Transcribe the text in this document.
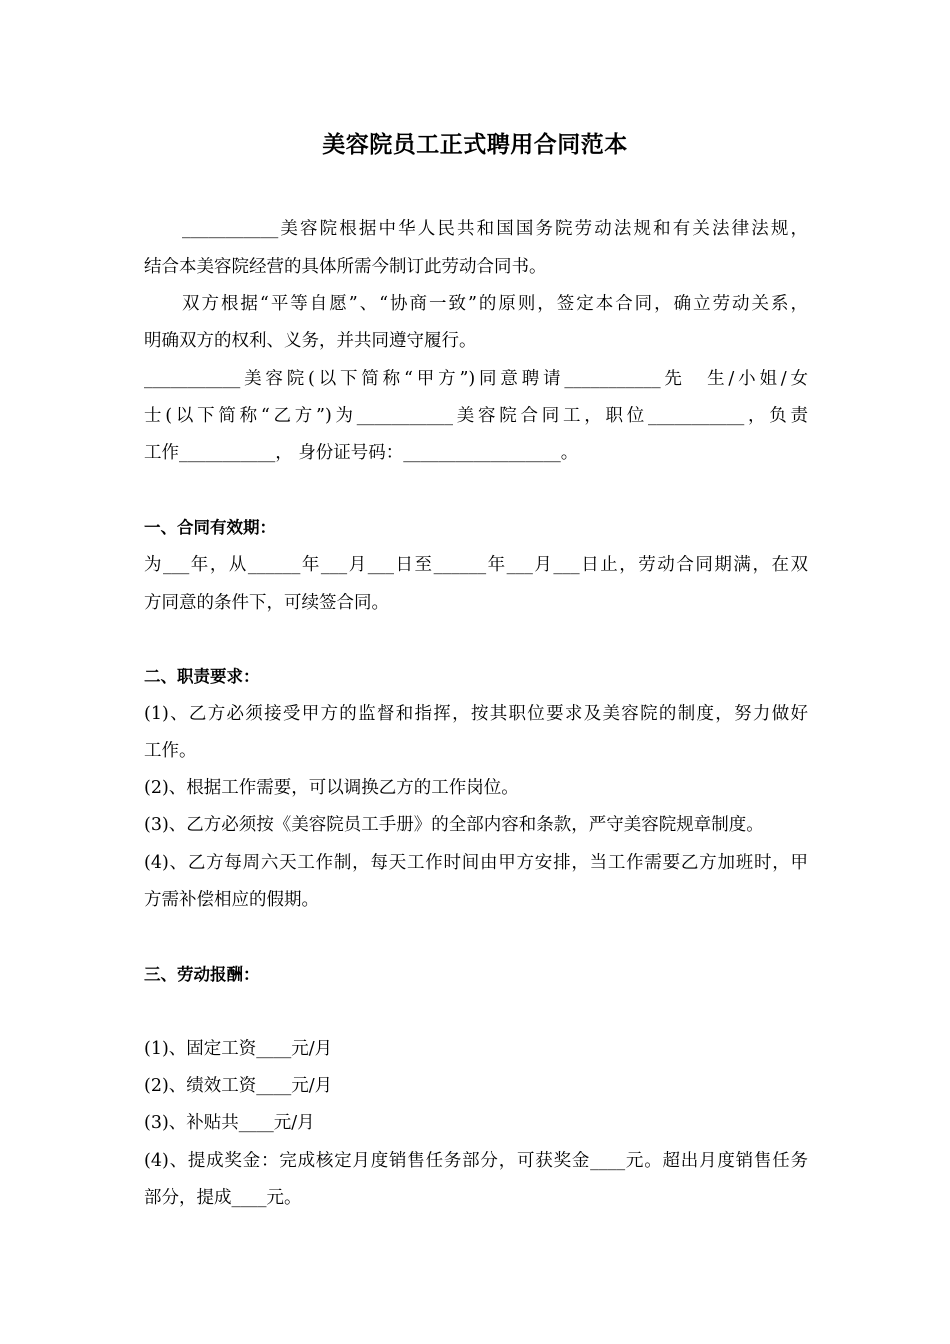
美容院员工正式聘用合同范本
___________美容院根据中华人民共和国国务院劳动法规和有关法律法规，
结合本美容院经营的具体所需今制订此劳动合同书。
双方根据“平等自愿”、“协商一致”的原则，签定本合同，确立劳动关系，
明确双方的权利、义务，并共同遵守履行。
___________美容院(以下简称“甲方”)同意聘请___________先　生/小姐/女
士(以下简称“乙方”)为___________美容院合同工，职位___________，负责
工作___________， 身份证号码：__________________。
一、合同有效期：
为___年，从______年___月___日至______年___月___日止，劳动合同期满，在双
方同意的条件下，可续签合同。
二、职责要求：
(1)、乙方必须接受甲方的监督和指挥，按其职位要求及美容院的制度，努力做好
工作。
(2)、根据工作需要，可以调换乙方的工作岗位。
(3)、乙方必须按《美容院员工手册》的全部内容和条款，严守美容院规章制度。
(4)、乙方每周六天工作制，每天工作时间由甲方安排，当工作需要乙方加班时，甲
方需补偿相应的假期。
三、劳动报酬：
(1)、固定工资____元/月
(2)、绩效工资____元/月
(3)、补贴共____元/月
(4)、提成奖金：完成核定月度销售任务部分，可获奖金____元。超出月度销售任务
部分，提成____元。
